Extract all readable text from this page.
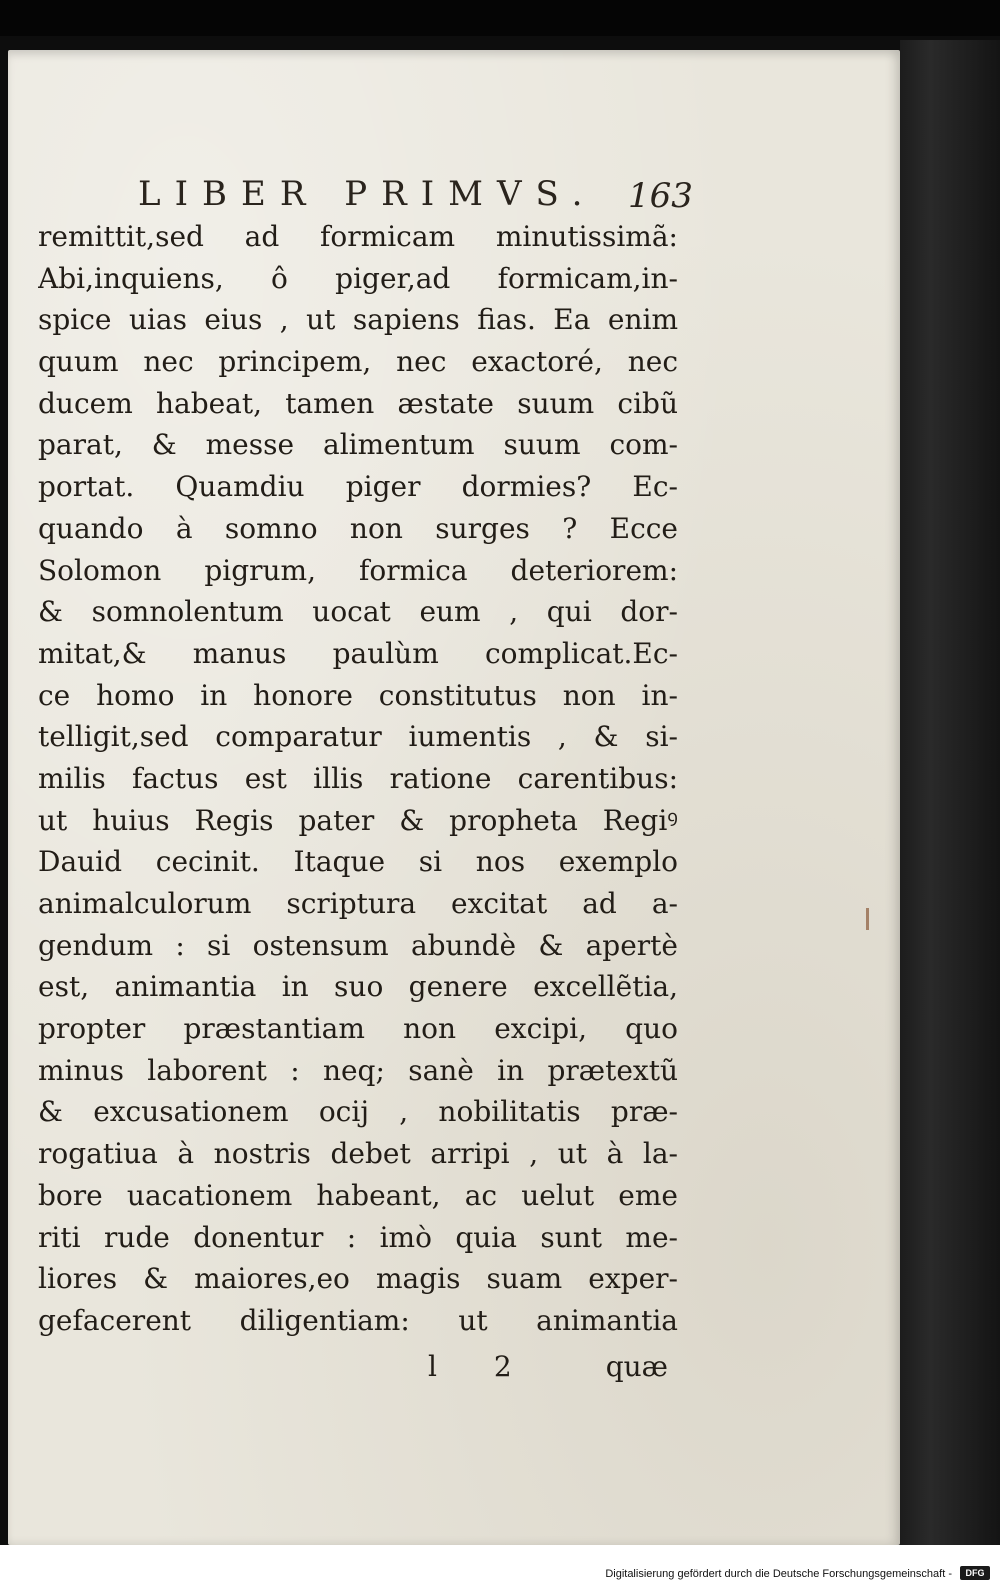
LIBER PRIMVS. 163
remittit,sed ad formicam minutissimã:
Abi,inquiens, ô piger,ad formicam,in-
spice uias eius , ut sapiens fias. Ea enim
quum nec principem, nec exactoré, nec
ducem habeat, tamen æstate suum cibũ
parat, & messe alimentum suum com-
portat. Quamdiu piger dormies? Ec-
quando à somno non surges ? Ecce
Solomon pigrum, formica deteriorem:
& somnolentum uocat eum , qui dor-
mitat,& manus paulùm complicat.Ec-
ce homo in honore constitutus non in-
telligit,sed comparatur iumentis , & si-
milis factus est illis ratione carentibus:
ut huius Regis pater & propheta Regiꝰ
Dauid cecinit. Itaque si nos exemplo
animalculorum scriptura excitat ad a-
gendum : si ostensum abundè & apertè
est, animantia in suo genere excellẽtia,
propter præstantiam non excipi, quo
minus laborent : neq; sanè in prætextũ
& excusationem ocij , nobilitatis præ-
rogatiua à nostris debet arripi , ut à la-
bore uacationem habeant, ac uelut eme
riti rude donentur : imò quia sunt me-
liores & maiores,eo magis suam exper-
gefacerent diligentiam: ut animantia
l 2	quæ
Digitalisierung gefördert durch die Deutsche Forschungsgemeinschaft -	DFG
